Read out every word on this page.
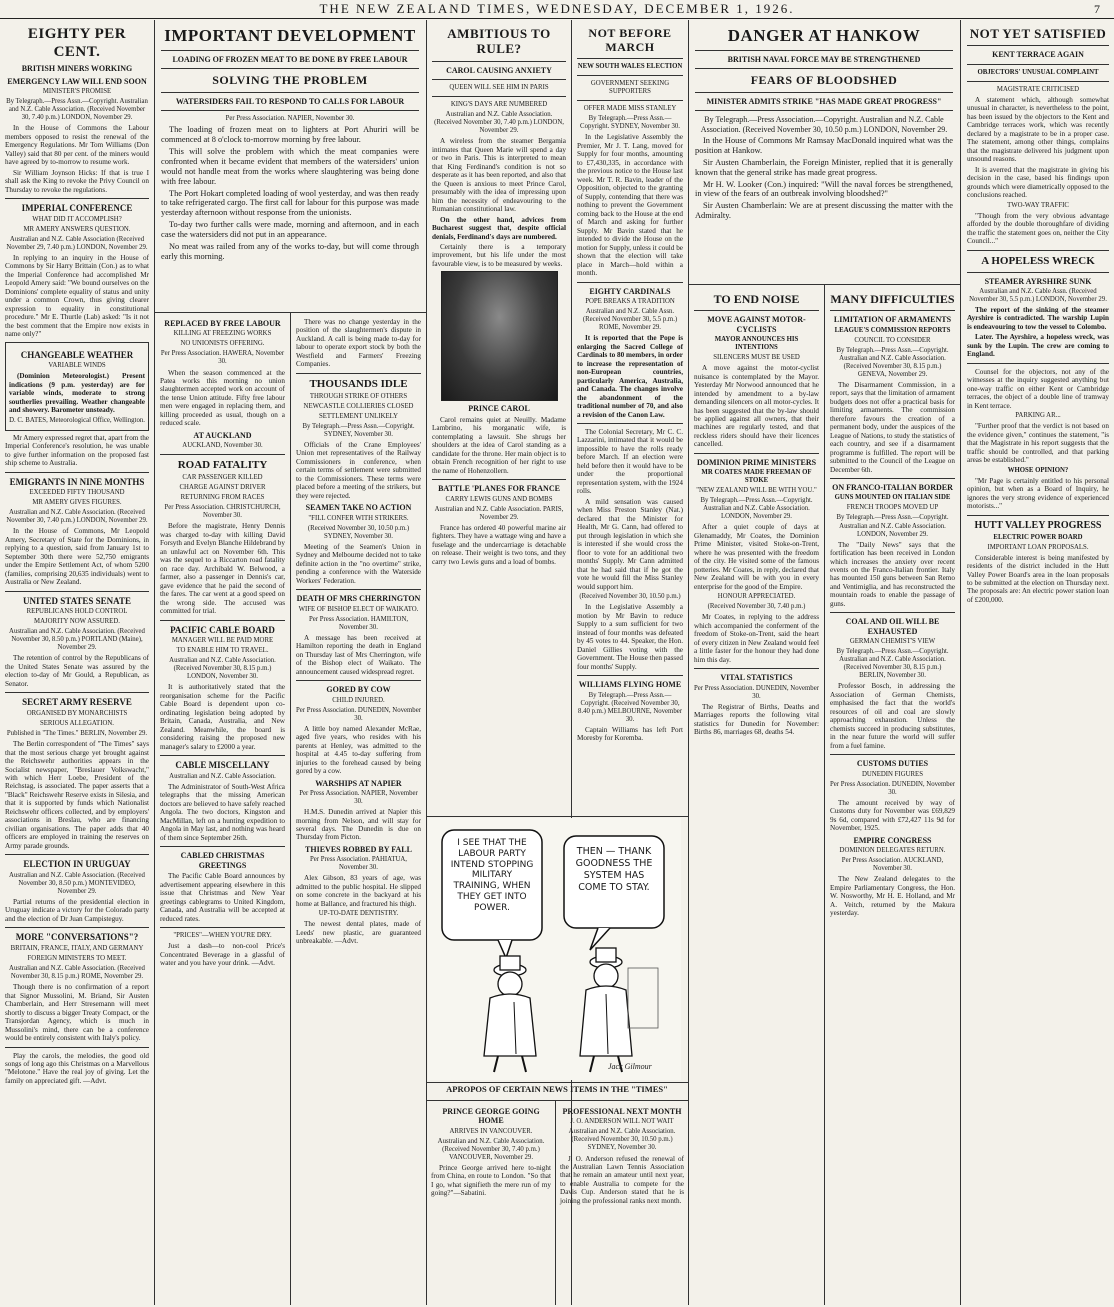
THE NEW ZEALAND TIMES, WEDNESDAY, DECEMBER 1, 1926.	7
EIGHTY PER CENT.
BRITISH MINERS WORKING
EMERGENCY LAW WILL END SOON
MINISTER'S PROMISE
By Telegraph.—Press Assn.—Copyright. Australian and N.Z. Cable Association. (Received November 30, 7.40 p.m.) LONDON, November 29.

In the House of Commons the Labour members opposed to resist the renewal of the Emergency Regulations. Mr Tom Williams (Don Valley) said that 80 per cent. of the miners would have agreed by to-morrow to resume work.

Sir William Joynson Hicks: If that is true I shall ask the King to revoke the Privy Council on Thursday to revoke the regulations.

IMPERIAL CONFERENCE
WHAT DID IT ACCOMPLISH?
MR AMERY ANSWERS QUESTION.
Australian and N.Z. Cable Association (Received November 29, 7.40 p.m.) LONDON, November 29.

In replying to an inquiry in the House of Commons by Sir Harry Brittain (Con.) as to what the Imperial Conference had accomplished Mr Leopold Amery said: "We bound ourselves on the Dominions' complete equality of status and unity under a common Crown, thus giving clearer expression to equality in constitutional procedure." Mr E. Thurtle (Lab) asked: "Is it not the best comment that the Empire now exists in name only?"

CHANGEABLE WEATHER
VARIABLE WINDS

(Dominion Meteorologist.) Present indications (9 p.m. yesterday) are for variable winds, moderate to strong southerlies prevailing. Weather changeable and showery. Barometer unsteady.

D. C. BATES, Meteorological Office, Wellington.

Mr Amery expressed regret that, apart from the Imperial Conference's resolution, he was unable to give further information on the proposed fast ship scheme to Australia.

EMIGRANTS IN NINE MONTHS
EXCEEDED FIFTY THOUSAND
MR AMERY GIVES FIGURES.
Australian and N.Z. Cable Association. (Received November 30, 7.40 p.m.) LONDON, November 29.

In the House of Commons, Mr Leopold Amery, Secretary of State for the Dominions, in replying to a question, said from January 1st to September 30th there were 52,750 emigrants under the Empire Settlement Act, of whom 5200 (families, comprising 20,635 individuals) went to Australia or New Zealand.

UNITED STATES SENATE
REPUBLICANS HOLD CONTROL
MAJORITY NOW ASSURED.
Australian and N.Z. Cable Association. (Received November 30, 8.50 p.m.) PORTLAND (Maine), November 29.

The retention of control by the Republicans of the United States Senate was assured by the election to-day of Mr Gould, a Republican, as Senator.

SECRET ARMY RESERVE
ORGANISED BY MONARCHISTS
SERIOUS ALLEGATION.
Published in "The Times." BERLIN, November 29.

The Berlin correspondent of "The Times" says that the most serious charge yet brought against the Reichswehr authorities appears in the Socialist newspaper, "Breslauer Volkswacht," with which Herr Loebe, President of the Reichstag, is associated. The paper asserts that a "Black" Reichswehr Reserve exists in Silesia, and that it is supported by funds which Nationalist Reichswehr officers collected, and by employers' associations in Breslau, who are financing civilian organisations. The paper adds that 40 officers are employed in training the reserves on Army parade grounds.

ELECTION IN URUGUAY
Australian and N.Z. Cable Association. (Received November 30, 8.50 p.m.) MONTEVIDEO, November 29.

Partial returns of the presidential election in Uruguay indicate a victory for the Colorado party and the election of Dr Juan Campisteguy.

MORE "CONVERSATIONS"?
BRITAIN, FRANCE, ITALY, AND GERMANY
FOREIGN MINISTERS TO MEET.
Australian and N.Z. Cable Association. (Received November 30, 8.15 p.m.) ROME, November 29.

Though there is no confirmation of a report that Signor Mussolini, M. Briand, Sir Austen Chamberlain, and Herr Stresemann will meet shortly to discuss a bigger Treaty Compact, or the Transjordan Agency, which is much in Mussolini's mind, there can be a conference would be entirely consistent with Italy's policy.

Play the carols, the melodies, the good old songs of long ago this Christmas on a Marvellous "Melotone." Have the real joy of giving. Let the family on appreciated gift. —Advt.

IMPORTANT DEVELOPMENT
LOADING OF FROZEN MEAT TO BE DONE BY FREE LABOUR
SOLVING THE PROBLEM
WATERSIDERS FAIL TO RESPOND TO CALLS FOR LABOUR
Per Press Association. NAPIER, November 30.

The loading of frozen meat on to lighters at Port Ahuriri will be commenced at 8 o'clock to-morrow morning by free labour.

This will solve the problem with which the meat companies were confronted when it became evident that members of the watersiders' union would not handle meat from the works where slaughtering was being done with free labour.

The Port Hokart completed loading of wool yesterday, and was then ready to take refrigerated cargo. The first call for labour for this purpose was made yesterday afternoon without response from the unionists.

To-day two further calls were made, morning and afternoon, and in each case the watersiders did not put in an appearance.

No meat was railed from any of the works to-day, but will come through early this morning.

REPLACED BY FREE LABOUR
KILLING AT FREEZING WORKS
NO UNIONISTS OFFERING.
Per Press Association. HAWERA, November 30.

When the season commenced at the Patea works this morning no union slaughtermen accepted work on account of the tense Union attitude. Fifty free labour men were engaged in replacing them, and killing proceeded as usual, though on a reduced scale.

AT AUCKLAND
AUCKLAND, November 30.
ROAD FATALITY
CAR PASSENGER KILLED
CHARGE AGAINST DRIVER
RETURNING FROM RACES
Per Press Association. CHRISTCHURCH, November 30.

Before the magistrate, Henry Dennis was charged to-day with killing David Forsyth and Evelyn Blanche Hildebrand by an unlawful act on November 6th. This was the sequel to a Riccarton road fatality on race day. Archibald W. Belwood, a farmer, also a passenger in Dennis's car, gave evidence that he paid the second of the fares. The car went at a good speed on the wrong side. The accused was committed for trial.

PACIFIC CABLE BOARD
MANAGER WILL BE PAID MORE
TO ENABLE HIM TO TRAVEL.
Australian and N.Z. Cable Association. (Received November 30, 8.15 p.m.) LONDON, November 30.

It is authoritatively stated that the reorganisation scheme for the Pacific Cable Board is dependent upon co-ordinating legislation being adopted by Britain, Canada, Australia, and New Zealand. Meanwhile, the board is considering raising the proposed new manager's salary to £2000 a year.

CABLE MISCELLANY
Australian and N.Z. Cable Association.

The Administrator of South-West Africa telegraphs that the missing American doctors are believed to have safely reached Angola. The two doctors, Kingston and MacMillan, left on a hunting expedition to Angola in May last, and nothing was heard of them since September 26th.

CABLED CHRISTMAS GREETINGS

The Pacific Cable Board announces by advertisement appearing elsewhere in this issue that Christmas and New Year greetings cablegrams to United Kingdom, Canada, and Australia will be accepted at reduced rates.

"PRICES"—WHEN YOU'RE DRY.

Just a dash—to non-cool Price's Concentrated Beverage in a glassful of water and you have your drink. —Advt.

There was no change yesterday in the position of the slaughtermen's dispute in Auckland. A call is being made to-day for labour to operate export stock by both the Westfield and Farmers' Freezing Companies.

THOUSANDS IDLE
THROUGH STRIKE OF OTHERS
NEWCASTLE COLLIERIES CLOSED
SETTLEMENT UNLIKELY
By Telegraph.—Press Assn.—Copyright. SYDNEY, November 30.

Officials of the Crane Employees' Union met representatives of the Railway Commissioners in conference, when certain terms of settlement were submitted to the Commissioners. These terms were placed before a meeting of the strikers, but they were rejected.

SEAMEN TAKE NO ACTION
"FILL CONFER WITH STRIKERS.
(Received November 30, 10.50 p.m.) SYDNEY, November 30.

Meeting of the Seamen's Union in Sydney and Melbourne decided not to take definite action in the "no overtime" strike, pending a conference with the Waterside Workers' Federation.

DEATH OF MRS CHERRINGTON
WIFE OF BISHOP ELECT OF WAIKATO.
Per Press Association. HAMILTON, November 30.

A message has been received at Hamilton reporting the death in England on Thursday last of Mrs Cherrington, wife of the Bishop elect of Waikato. The announcement caused widespread regret.

GORED BY COW
CHILD INJURED.
Per Press Association. DUNEDIN, November 30.

A little boy named Alexander McRae, aged five years, who resides with his parents at Henley, was admitted to the hospital at 4.45 to-day suffering from injuries to the forehead caused by being gored by a cow.

WARSHIPS AT NAPIER
Per Press Association. NAPIER, November 30.

H.M.S. Dunedin arrived at Napier this morning from Nelson, and will stay for several days. The Dunedin is due on Thursday from Picton.

THIEVES ROBBED BY FALL
Per Press Association. PAHIATUA, November 30.

Alex Gibson, 83 years of age, was admitted to the public hospital. He slipped on some concrete in the backyard at his home at Ballance, and fractured his thigh.

UP-TO-DATE DENTISTRY.

The newest dental plates, made of Leeds' new plastic, are guaranteed unbreakable. —Advt.

AMBITIOUS TO RULE?
CAROL CAUSING ANXIETY
QUEEN WILL SEE HIM IN PARIS
KING'S DAYS ARE NUMBERED
Australian and N.Z. Cable Association. (Received November 30, 7.40 p.m.) LONDON, November 29.

A wireless from the steamer Bergamia intimates that Queen Marie will spend a day or two in Paris. This is interpreted to mean that King Ferdinand's condition is not so desperate as it has been reported, and also that the Queen is anxious to meet Prince Carol, presumably with the idea of impressing upon him the necessity of endeavouring to the Rumanian constitutional law.

On the other hand, advices from Bucharest suggest that, despite official denials, Ferdinand's days are numbered.

Certainly there is a temporary improvement, but his life under the most favourable view, is to be measured by weeks.

PRINCE CAROL

Carol remains quiet at Neuilly. Madame Lambrino, his morganatic wife, is contemplating a lawsuit. She shrugs her shoulders at the idea of Carol standing as a candidate for the throne. Her main object is to obtain French recognition of her right to use the name of Hohenzollern.

BATTLE 'PLANES FOR FRANCE
CARRY LEWIS GUNS AND BOMBS
Australian and N.Z. Cable Association. PARIS, November 29.

France has ordered 40 powerful marine air fighters. They have a wattage wing and have a fuselage and the undercarriage is detachable on release. Their weight is two tons, and they carry two Lewis guns and a load of bombs.

NOT BEFORE MARCH
NEW SOUTH WALES ELECTION
GOVERNMENT SEEKING SUPPORTERS
OFFER MADE MISS STANLEY
By Telegraph.—Press Assn.—Copyright. SYDNEY, November 30.

In the Legislative Assembly the Premier, Mr J. T. Lang, moved for Supply for four months, amounting to £7,430,335, in accordance with the previous notice to the House last week. Mr T. R. Bavin, leader of the Opposition, objected to the granting of Supply, contending that there was nothing to prevent the Government coming back to the House at the end of March and asking for further Supply. Mr Bavin stated that he intended to divide the House on the motion for Supply, unless it could be shown that the election will take place in March—hold within a month.

EIGHTY CARDINALS
POPE BREAKS A TRADITION
Australian and N.Z. Cable Assn. (Received November 30, 5.5 p.m.) ROME, November 29.

It is reported that the Pope is enlarging the Sacred College of Cardinals to 80 members, in order to increase the representation of non-European countries, particularly America, Australia, and Canada. The changes involve the abandonment of the traditional number of 70, and also a revision of the Canon Law.

The Colonial Secretary, Mr C. C. Lazzarini, intimated that it would be impossible to have the rolls ready before March. If an election were held before then it would have to be under the proportional representation system, with the 1924 rolls.

A mild sensation was caused when Miss Preston Stanley (Nat.) declared that the Minister for Health, Mr G. Cann, had offered to put through legislation in which she is interested if she would cross the floor to vote for an additional two months' Supply. Mr Cann admitted that he had said that if he got the vote he would fill the Miss Stanley would support him.

(Received November 30, 10.50 p.m.)

In the Legislative Assembly a motion by Mr Bavin to reduce Supply to a sum sufficient for two instead of four months was defeated by 45 votes to 44. Speaker, the Hon. Daniel Gillies voting with the Government. The House then passed four months' Supply.

WILLIAMS FLYING HOME
By Telegraph.—Press Assn.—Copyright. (Received November 30, 8.40 p.m.) MELBOURNE, November 30.

Captain Williams has left Port Moresby for Koremba.

I SEE THAT THE LABOUR PARTY INTEND STOPPING MILITARY TRAINING, WHEN THEY GET INTO POWER.
THEN — THANK GOODNESS THE SYSTEM HAS COME TO STAY.
Jack Gilmour
APROPOS OF CERTAIN NEWS ITEMS IN THE "TIMES"
PRINCE GEORGE GOING HOME
ARRIVES IN VANCOUVER.
Australian and N.Z. Cable Association. (Received November 30, 7.40 p.m.) VANCOUVER, November 29.

Prince George arrived here to-night from China, en route to London. "So that I go, what signifieth the mere run of my going?"—Sabatini.

PROFESSIONAL NEXT MONTH
J. O. ANDERSON WILL NOT WAIT
Australian and N.Z. Cable Association. (Received November 30, 10.50 p.m.) SYDNEY, November 30.

J. O. Anderson refused the renewal of the Australian Lawn Tennis Association that he remain an amateur until next year, to enable Australia to compete for the Davis Cup. Anderson stated that he is joining the professional ranks next month.

DANGER AT HANKOW
BRITISH NAVAL FORCE MAY BE STRENGTHENED
FEARS OF BLOODSHED
MINISTER ADMITS STRIKE "HAS MADE GREAT PROGRESS"
By Telegraph.—Press Association.—Copyright. Australian and N.Z. Cable Association. (Received November 30, 10.50 p.m.) LONDON, November 29.

In the House of Commons Mr Ramsay MacDonald inquired what was the position at Hankow.

Sir Austen Chamberlain, the Foreign Minister, replied that it is generally known that the general strike has made great progress.

Mr H. W. Looker (Con.) inquired: "Will the naval forces be strengthened, in view of the fears of an outbreak involving bloodshed?"

Sir Austen Chamberlain: We are at present discussing the matter with the Admiralty.

TO END NOISE
MOVE AGAINST MOTOR-CYCLISTS
MAYOR ANNOUNCES HIS INTENTIONS
SILENCERS MUST BE USED

A move against the motor-cyclist nuisance is contemplated by the Mayor. Yesterday Mr Norwood announced that he intended by amendment to a by-law demanding silencers on all motor-cycles. It has been suggested that the by-law should be applied against all owners, that their machines are regularly tested, and that reckless riders should have their licences cancelled.

DOMINION PRIME MINISTERS
MR COATES MADE FREEMAN OF STOKE
"NEW ZEALAND WILL BE WITH YOU."
By Telegraph.—Press Assn.—Copyright. Australian and N.Z. Cable Association. LONDON, November 29.

After a quiet couple of days at Glenamaddy, Mr Coates, the Dominion Prime Minister, visited Stoke-on-Trent, where he was presented with the freedom of the city. He visited some of the famous potteries. Mr Coates, in reply, declared that New Zealand will be with you in every enterprise for the good of the Empire.

HONOUR APPRECIATED.
(Received November 30, 7.40 p.m.)

Mr Coates, in replying to the address which accompanied the conferment of the freedom of Stoke-on-Trent, said the heart of every citizen in New Zealand would feel a little faster for the honour they had done him this day.

VITAL STATISTICS
Per Press Association. DUNEDIN, November 30.

The Registrar of Births, Deaths and Marriages reports the following vital statistics for Dunedin for November: Births 86, marriages 68, deaths 54.

MANY DIFFICULTIES
LIMITATION OF ARMAMENTS
LEAGUE'S COMMISSION REPORTS
COUNCIL TO CONSIDER
By Telegraph.—Press Assn.—Copyright. Australian and N.Z. Cable Association. (Received November 30, 8.15 p.m.) GENEVA, November 29.

The Disarmament Commission, in a report, says that the limitation of armament budgets does not offer a practical basis for limiting armaments. The commission therefore favours the creation of a permanent body, under the auspices of the League of Nations, to study the statistics of each country, and see if a disarmament programme is fulfilled. The report will be submitted to the Council of the League on December 6th.

ON FRANCO-ITALIAN BORDER
GUNS MOUNTED ON ITALIAN SIDE
FRENCH TROOPS MOVED UP
By Telegraph.—Press Assn.—Copyright. Australian and N.Z. Cable Association. LONDON, November 29.

The "Daily News" says that the fortification has been received in London which increases the anxiety over recent events on the Franco-Italian frontier. Italy has mounted 150 guns between San Remo and Ventimiglia, and has reconstructed the mountain roads to enable the passage of guns.

COAL AND OIL WILL BE EXHAUSTED
GERMAN CHEMIST'S VIEW
By Telegraph.—Press Assn.—Copyright. Australian and N.Z. Cable Association. (Received November 30, 8.15 p.m.) BERLIN, November 30.

Professor Bosch, in addressing the Association of German Chemists, emphasised the fact that the world's resources of oil and coal are slowly approaching exhaustion. Unless the chemists succeed in producing substitutes, in the near future the world will suffer from a fuel famine.

CUSTOMS DUTIES
DUNEDIN FIGURES
Per Press Association. DUNEDIN, November 30.

The amount received by way of Customs duty for November was £69,829 9s 6d, compared with £72,427 11s 9d for November, 1925.

EMPIRE CONGRESS
DOMINION DELEGATES RETURN.
Per Press Association. AUCKLAND, November 30.

The New Zealand delegates to the Empire Parliamentary Congress, the Hon. W. Nosworthy, Mr H. E. Holland, and Mr A. Veitch, returned by the Makura yesterday.

NOT YET SATISFIED
KENT TERRACE AGAIN
OBJECTORS' UNUSUAL COMPLAINT
MAGISTRATE CRITICISED

A statement which, although somewhat unusual in character, is nevertheless to the point, has been issued by the objectors to the Kent and Cambridge terraces work, which was recently declared by a magistrate to be in a proper case. The statement, among other things, complains that the magistrate delivered his judgment upon unsound reasons.

It is averred that the magistrate in giving his decision in the case, based his findings upon grounds which were diametrically opposed to the conclusions reached.

TWO-WAY TRAFFIC

"Though from the very obvious advantage afforded by the double thoroughfare of dividing the traffic the statement goes on, neither the City Council..."

A HOPELESS WRECK
STEAMER AYRSHIRE SUNK
Australian and N.Z. Cable Assn. (Received November 30, 5.5 p.m.) LONDON, November 29.

The report of the sinking of the steamer Ayrshire is contradicted. The warship Lupin is endeavouring to tow the vessel to Colombo.

Later. The Ayrshire, a hopeless wreck, was sunk by the Lupin. The crew are coming to England.

Counsel for the objectors, not any of the witnesses at the inquiry suggested anything but one-way traffic on either Kent or Cambridge terraces, the object of a double line of tramway in Kent terrace.

PARKING AR...

"Further proof that the verdict is not based on the evidence given," continues the statement, "is that the Magistrate in his report suggests that the traffic should be controlled, and that parking areas be established."

WHOSE OPINION?

"Mr Page is certainly entitled to his personal opinion, but when as a Board of Inquiry, he ignores the very strong evidence of experienced motorists..."

HUTT VALLEY PROGRESS
ELECTRIC POWER BOARD
IMPORTANT LOAN PROPOSALS.

Considerable interest is being manifested by residents of the district included in the Hutt Valley Power Board's area in the loan proposals to be submitted at the election on Thursday next. The proposals are: An electric power station loan of £200,000.
